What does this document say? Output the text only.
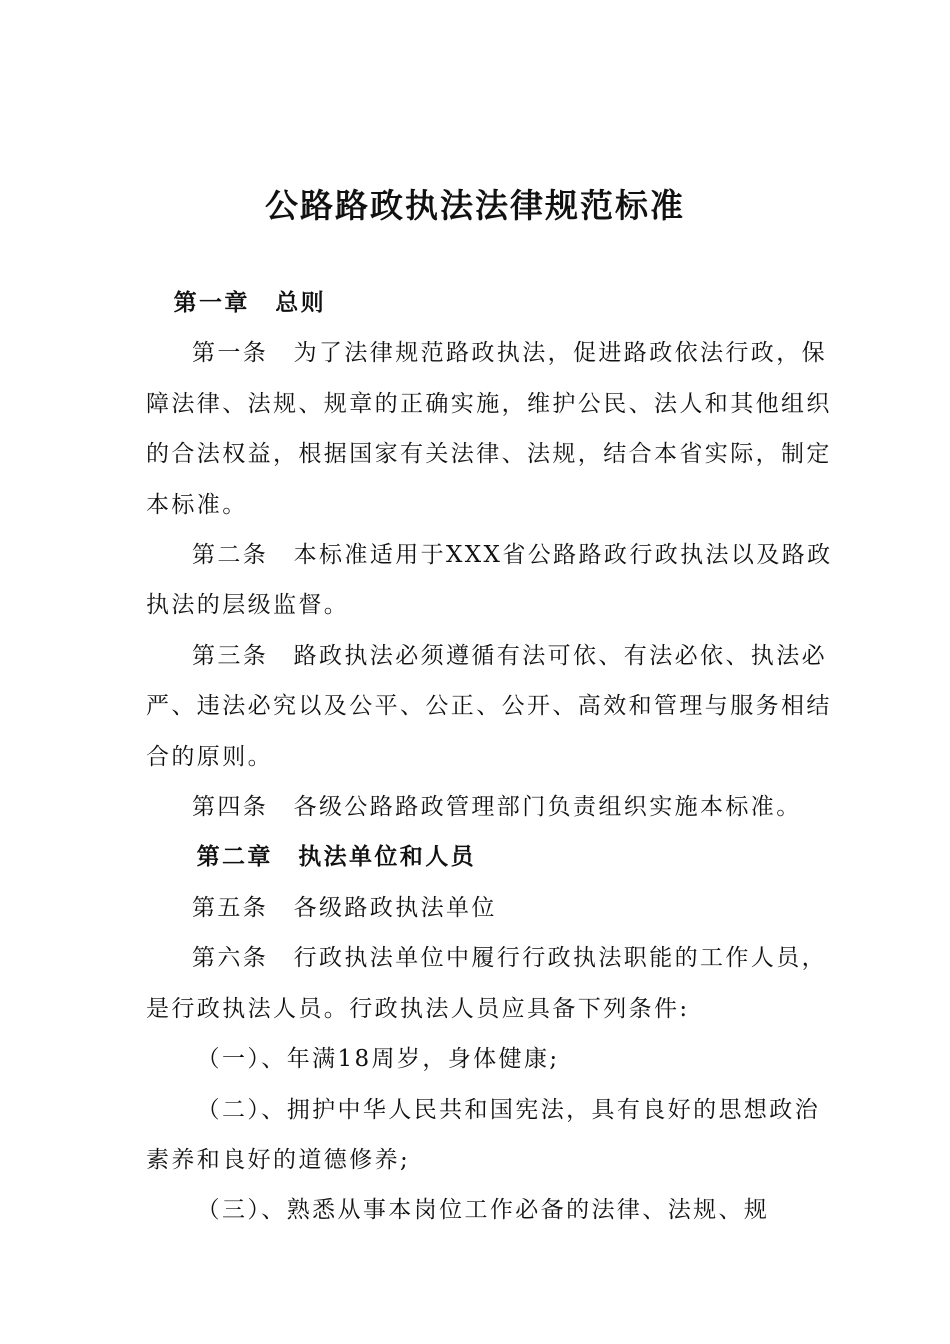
公路路政执法法律规范标准

第一章　总则

第一条　为了法律规范路政执法，促进路政依法行政，保障法律、法规、规章的正确实施，维护公民、法人和其他组织的合法权益，根据国家有关法律、法规，结合本省实际，制定本标准。

第二条　本标准适用于XXX省公路路政行政执法以及路政执法的层级监督。

第三条　路政执法必须遵循有法可依、有法必依、执法必严、违法必究以及公平、公正、公开、高效和管理与服务相结合的原则。

第四条　各级公路路政管理部门负责组织实施本标准。

第二章　执法单位和人员

第五条　各级路政执法单位

第六条　行政执法单位中履行行政执法职能的工作人员，是行政执法人员。行政执法人员应具备下列条件:

（一）、年满18周岁，身体健康;

（二）、拥护中华人民共和国宪法，具有良好的思想政治素养和良好的道德修养;

（三）、熟悉从事本岗位工作必备的法律、法规、规
